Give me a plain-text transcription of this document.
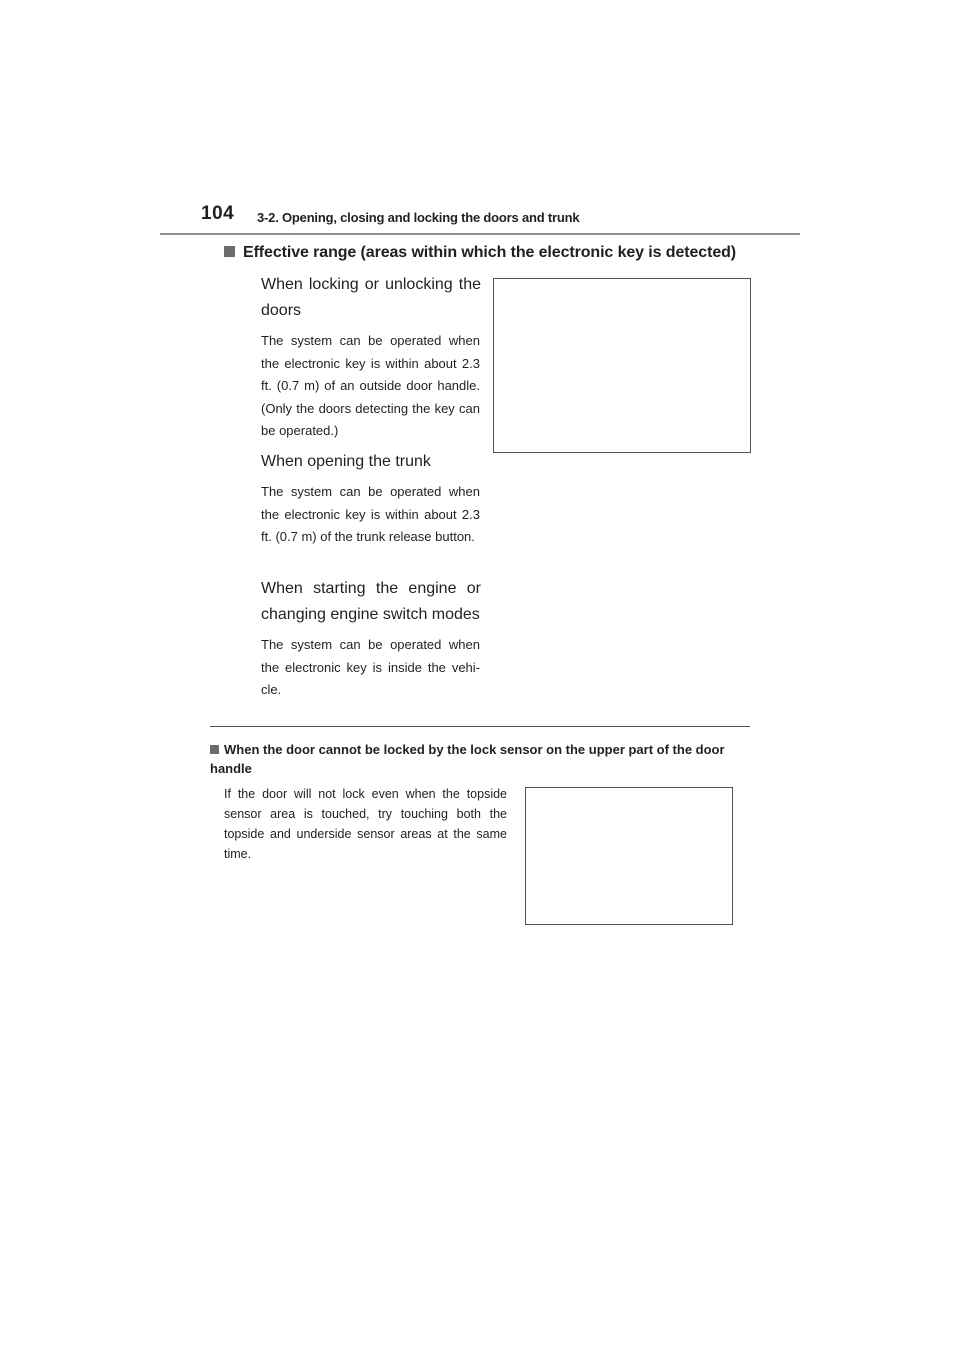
104 3-2. Opening, closing and locking the doors and trunk
Effective range (areas within which the electronic key is detected)
When locking or unlocking the doors
The system can be operated when the electronic key is within about 2.3 ft. (0.7 m) of an outside door handle. (Only the doors detecting the key can be operated.)
When opening the trunk
The system can be operated when the electronic key is within about 2.3 ft. (0.7 m) of the trunk release button.
When starting the engine or changing engine switch modes
The system can be operated when the electronic key is inside the vehi-cle.
When the door cannot be locked by the lock sensor on the upper part of the door handle
If the door will not lock even when the topside sensor area is touched, try touching both the topside and underside sensor areas at the same time.
